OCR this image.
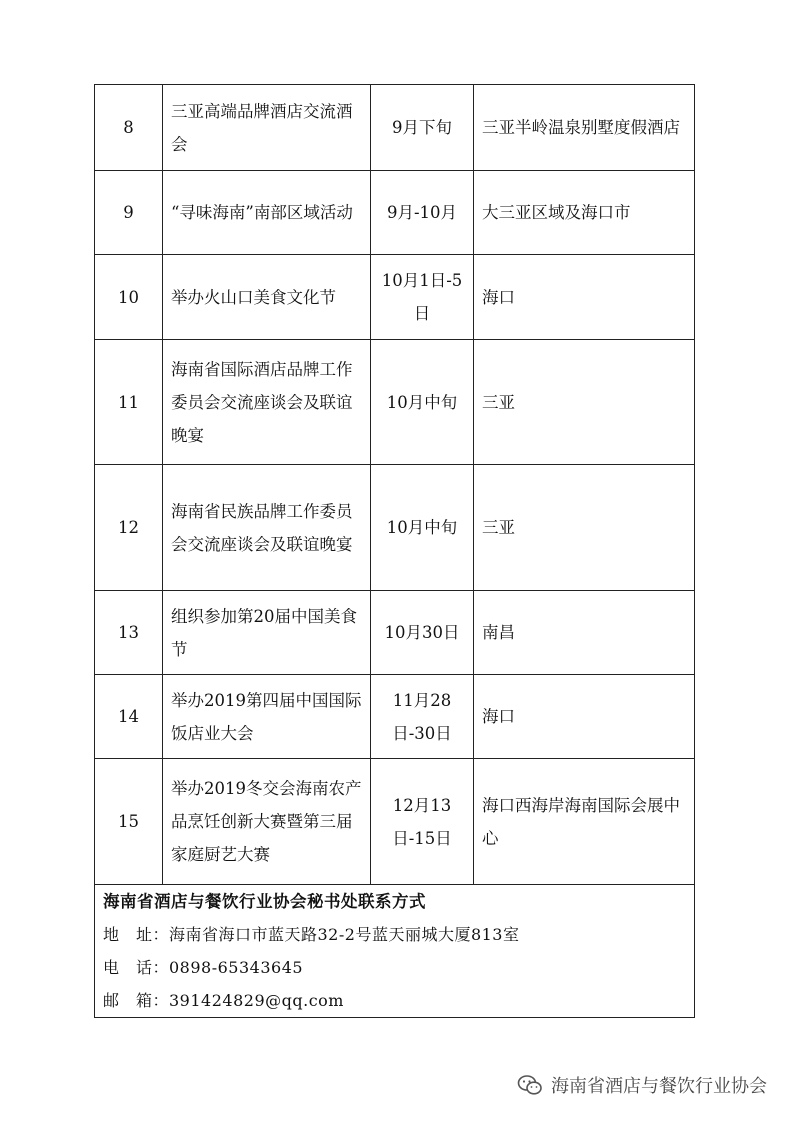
8	三亚高端品牌酒店交流酒会	9月下旬	三亚半岭温泉别墅度假酒店
9	“寻味海南”南部区域活动	9月-10月	大三亚区域及海口市
10	举办火山口美食文化节	10月1日-5日	海口
11	海南省国际酒店品牌工作委员会交流座谈会及联谊晚宴	10月中旬	三亚
12	海南省民族品牌工作委员会交流座谈会及联谊晚宴	10月中旬	三亚
13	组织参加第20届中国美食节	10月30日	南昌
14	举办2019第四届中国国际饭店业大会	11月28日-30日	海口
15	举办2019冬交会海南农产品烹饪创新大赛暨第三届家庭厨艺大赛	12月13日-15日	海口西海岸海南国际会展中心

海南省酒店与餐饮行业协会秘书处联系方式
地　址：海南省海口市蓝天路32-2号蓝天丽城大厦813室
电　话：0898-65343645
邮　箱：391424829@qq.com			
海南省酒店与餐饮行业协会
